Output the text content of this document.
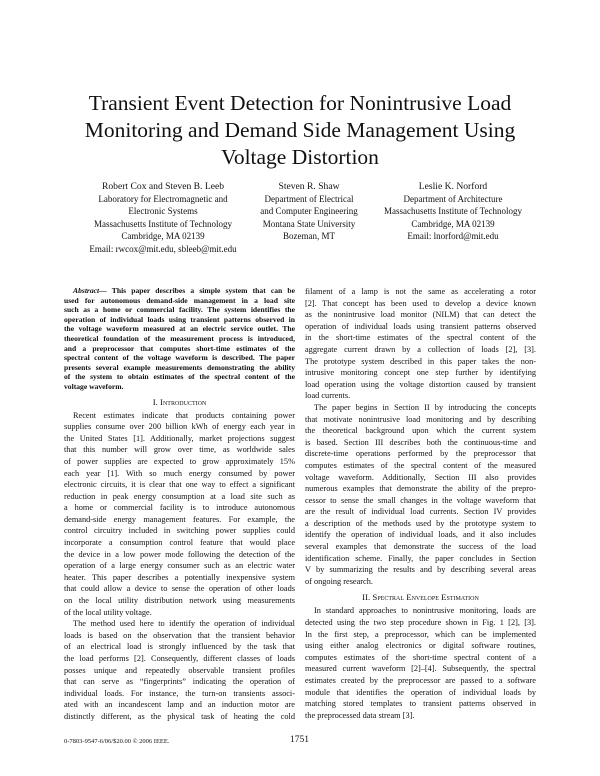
Transient Event Detection for Nonintrusive Load
Monitoring and Demand Side Management Using
Voltage Distortion
Robert Cox and Steven B. Leeb
Laboratory for Electromagnetic and
Electronic Systems
Massachusetts Institute of Technology
Cambridge, MA 02139
Email: rwcox@mit.edu, sbleeb@mit.edu
Steven R. Shaw
Department of Electrical
and Computer Engineering
Montana State University
Bozeman, MT
Leslie K. Norford
Department of Architecture
Massachusetts Institute of Technology
Cambridge, MA 02139
Email: lnorford@mit.edu
Abstract— This paper describes a simple system that can be
used for autonomous demand-side management in a load site
such as a home or commercial facility. The system identifies the
operation of individual loads using transient patterns observed in
the voltage waveform measured at an electric service outlet. The
theoretical foundation of the measurement process is introduced,
and a preprocessor that computes short-time estimates of the
spectral content of the voltage waveform is described. The paper
presents several example measurements demonstrating the ability
of the system to obtain estimates of the spectral content of the
voltage waveform.
I. Introduction
Recent estimates indicate that products containing power
supplies consume over 200 billion kWh of energy each year in
the United States [1]. Additionally, market projections suggest
that this number will grow over time, as worldwide sales
of power supplies are expected to grow approximately 15%
each year [1]. With so much energy consumed by power
electronic circuits, it is clear that one way to effect a significant
reduction in peak energy consumption at a load site such as
a home or commercial facility is to introduce autonomous
demand-side energy management features. For example, the
control circuitry included in switching power supplies could
incorporate a consumption control feature that would place
the device in a low power mode following the detection of the
operation of a large energy consumer such as an electric water
heater. This paper describes a potentially inexpensive system
that could allow a device to sense the operation of other loads
on the local utility distribution network using measurements
of the local utility voltage.
The method used here to identify the operation of individual
loads is based on the observation that the transient behavior
of an electrical load is strongly influenced by the task that
the load performs [2]. Consequently, different classes of loads
posses unique and repeatedly observable transient profiles
that can serve as “fingerprints” indicating the operation of
individual loads. For instance, the turn-on transients associ-
ated with an incandescent lamp and an induction motor are
distinctly different, as the physical task of heating the cold
filament of a lamp is not the same as accelerating a rotor
[2]. That concept has been used to develop a device known
as the nonintrusive load monitor (NILM) that can detect the
operation of individual loads using transient patterns observed
in the short-time estimates of the spectral content of the
aggregate current drawn by a collection of loads [2], [3].
The prototype system described in this paper takes the non-
intrusive monitoring concept one step further by identifying
load operation using the voltage distortion caused by transient
load currents.
The paper begins in Section II by introducing the concepts
that motivate nonintrusive load monitoring and by describing
the theoretical background upon which the current system
is based. Section III describes both the continuous-time and
discrete-time operations performed by the preprocessor that
computes estimates of the spectral content of the measured
voltage waveform. Additionally, Section III also provides
numerous examples that demonstrate the ability of the prepro-
cessor to sense the small changes in the voltage waveform that
are the result of individual load currents. Section IV provides
a description of the methods used by the prototype system to
identify the operation of individual loads, and it also includes
several examples that demonstrate the success of the load
identification scheme. Finally, the paper concludes in Section
V by summarizing the results and by describing several areas
of ongoing research.
II. Spectral Envelope Estimation
In standard approaches to nonintrusive monitoring, loads are
detected using the two step procedure shown in Fig. 1 [2], [3].
In the first step, a preprocessor, which can be implemented
using either analog electronics or digital software routines,
computes estimates of the short-time spectral content of a
measured current waveform [2]–[4]. Subsequently, the spectral
estimates created by the preprocessor are passed to a software
module that identifies the operation of individual loads by
matching stored templates to transient patterns observed in
the preprocessed data stream [3].
0-7803-9547-6/06/$20.00 © 2006 IEEE.	1751
